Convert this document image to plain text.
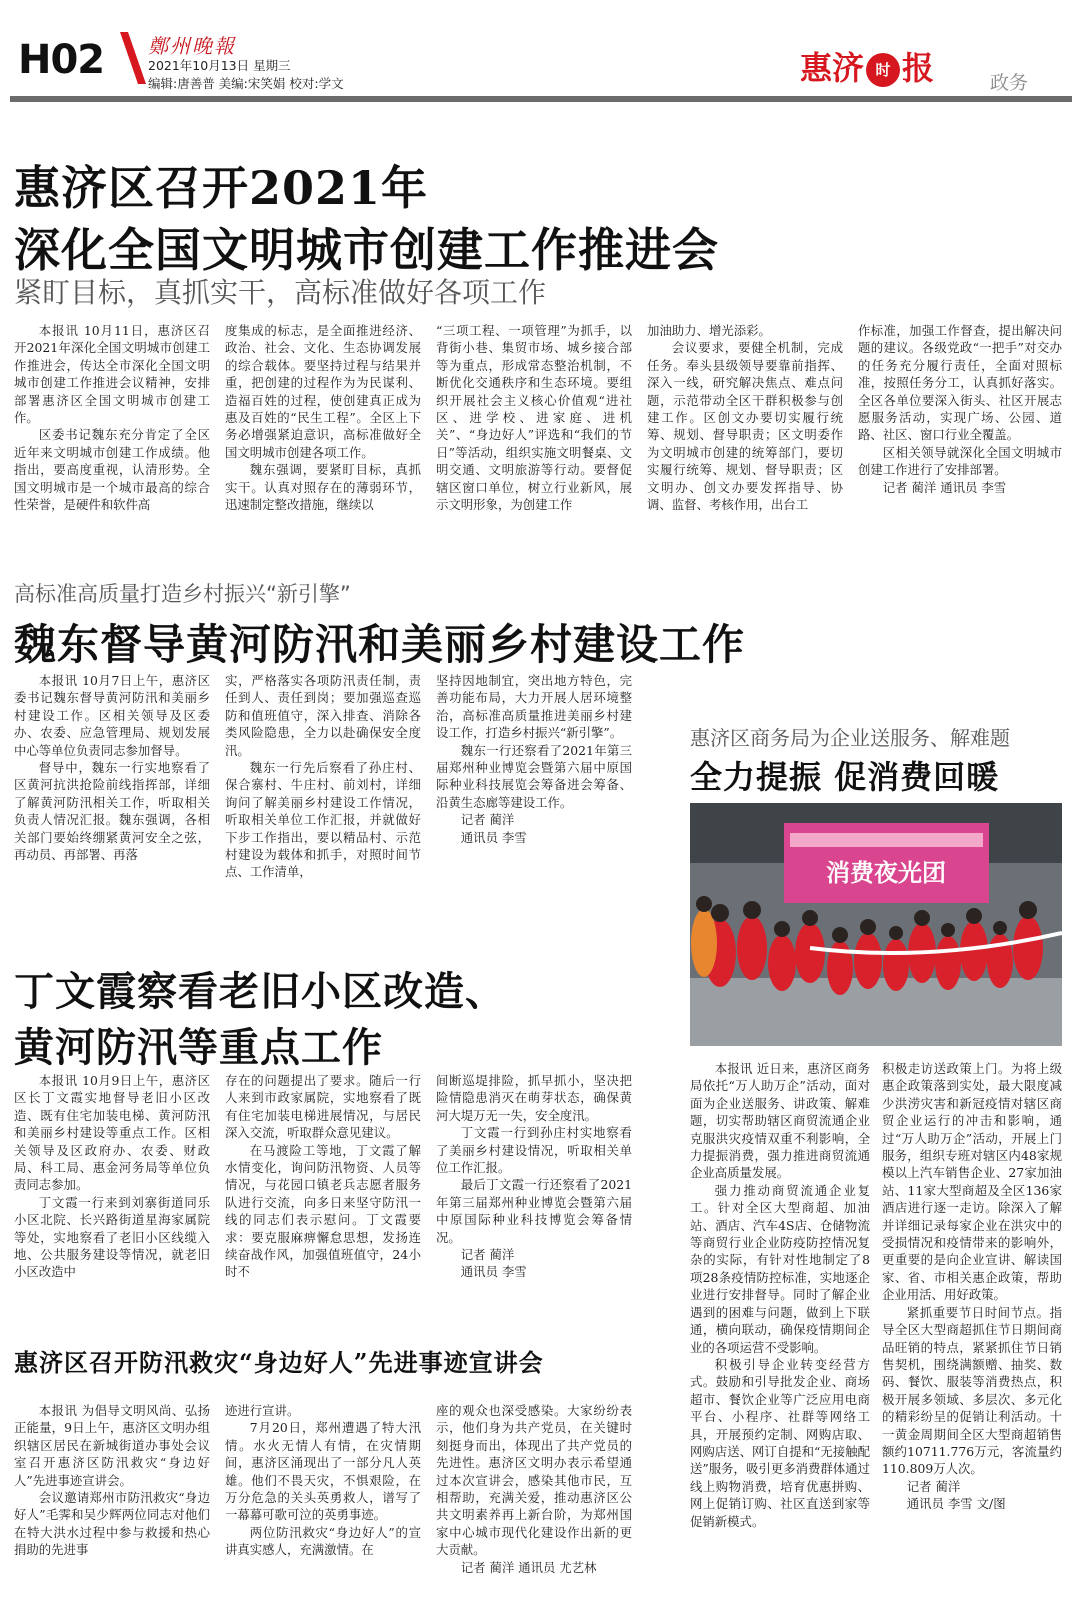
H02 鄭州晚報
2021年10月13日 星期三
编辑:唐善普 美编:宋笑娟 校对:学文	惠济 时 报	政务
惠济区召开2021年
深化全国文明城市创建工作推进会
紧盯目标，真抓实干，高标准做好各项工作

本报讯 10月11日，惠济区召开2021年深化全国文明城市创建工作推进会，传达全市深化全国文明城市创建工作推进会议精神，安排部署惠济区全国文明城市创建工作。

区委书记魏东充分肯定了全区近年来文明城市创建工作成绩。他指出，要高度重视，认清形势。全国文明城市是一个城市最高的综合性荣誉，是硬件和软件高

度集成的标志，是全面推进经济、政治、社会、文化、生态协调发展的综合载体。要坚持过程与结果并重，把创建的过程作为为民谋利、造福百姓的过程，使创建真正成为惠及百姓的“民生工程”。全区上下务必增强紧迫意识，高标准做好全国文明城市创建各项工作。

魏东强调，要紧盯目标，真抓实干。认真对照存在的薄弱环节，迅速制定整改措施，继续以

“三项工程、一项管理”为抓手，以背街小巷、集贸市场、城乡接合部等为重点，形成常态整治机制，不断优化交通秩序和生态环境。要组织开展社会主义核心价值观“进社区、进学校、进家庭、进机关”、“身边好人”评选和“我们的节日”等活动，组织实施文明餐桌、文明交通、文明旅游等行动。要督促辖区窗口单位，树立行业新风，展示文明形象，为创建工作

加油助力、增光添彩。

会议要求，要健全机制，完成任务。奉头县级领导要靠前指挥、深入一线，研究解决焦点、难点问题，示范带动全区干群积极参与创建工作。区创文办要切实履行统筹、规划、督导职责；区文明委作为文明城市创建的统筹部门，要切实履行统筹、规划、督导职责；区文明办、创文办要发挥指导、协调、监督、考核作用，出台工

作标准，加强工作督查，提出解决问题的建议。各级党政“一把手”对交办的任务充分履行责任，全面对照标准，按照任务分工，认真抓好落实。全区各单位要深入街头、社区开展志愿服务活动，实现广场、公园、道路、社区、窗口行业全覆盖。

区相关领导就深化全国文明城市创建工作进行了安排部署。

记者 蔺洋 通讯员 李雪

高标准高质量打造乡村振兴“新引擎”
魏东督导黄河防汛和美丽乡村建设工作

本报讯 10月7日上午，惠济区委书记魏东督导黄河防汛和美丽乡村建设工作。区相关领导及区委办、农委、应急管理局、规划发展中心等单位负责同志参加督导。

督导中，魏东一行实地察看了区黄河抗洪抢险前线指挥部，详细了解黄河防汛相关工作，听取相关负责人情况汇报。魏东强调，各相关部门要始终绷紧黄河安全之弦，再动员、再部署、再落

实，严格落实各项防汛责任制，责任到人、责任到岗；要加强巡查巡防和值班值守，深入排查、消除各类风险隐患，全力以赴确保安全度汛。

魏东一行先后察看了孙庄村、保合寨村、牛庄村、前刘村，详细询问了解美丽乡村建设工作情况，听取相关单位工作汇报，并就做好下步工作指出，要以精品村、示范村建设为载体和抓手，对照时间节点、工作清单，

坚持因地制宜，突出地方特色，完善功能布局，大力开展人居环境整治，高标准高质量推进美丽乡村建设工作，打造乡村振兴“新引擎”。

魏东一行还察看了2021年第三届郑州种业博览会暨第六届中原国际种业科技展览会筹备进会筹备、沿黄生态廊等建设工作。

记者 蔺洋

通讯员 李雪

丁文霞察看老旧小区改造、
黄河防汛等重点工作

本报讯 10月9日上午，惠济区区长丁文霞实地督导老旧小区改造、既有住宅加装电梯、黄河防汛和美丽乡村建设等重点工作。区相关领导及区政府办、农委、财政局、科工局、惠金河务局等单位负责同志参加。

丁文霞一行来到刘寨街道同乐小区北院、长兴路街道星海家属院等处，实地察看了老旧小区线缆入地、公共服务建设等情况，就老旧小区改造中

存在的问题提出了要求。随后一行人来到市政家属院，实地察看了既有住宅加装电梯进展情况，与居民深入交流，听取群众意见建议。

在马渡险工等地，丁文霞了解水情变化，询问防汛物资、人员等情况，与花园口镇老兵志愿者服务队进行交流，向多日来坚守防汛一线的同志们表示慰问。丁文霞要求：要克服麻痹懈怠思想，发扬连续奋战作风，加强值班值守，24小时不

间断巡堤排险，抓早抓小，坚决把险情隐患消灭在萌芽状态，确保黄河大堤万无一失，安全度汛。

丁文霞一行到孙庄村实地察看了美丽乡村建设情况，听取相关单位工作汇报。

最后丁文霞一行还察看了2021年第三届郑州种业博览会暨第六届中原国际种业科技博览会筹备情况。

记者 蔺洋

通讯员 李雪

惠济区召开防汛救灾“身边好人”先进事迹宣讲会

本报讯 为倡导文明风尚、弘扬正能量，9日上午，惠济区文明办组织辖区居民在新城街道办事处会议室召开惠济区防汛救灾“身边好人”先进事迹宣讲会。

会议邀请郑州市防汛救灾“身边好人”毛霁和吴少辉两位同志对他们在特大洪水过程中参与救援和热心捐助的先进事

迹进行宣讲。

7月20日，郑州遭遇了特大汛情。水火无情人有情，在灾情期间，惠济区涌现出了一部分凡人英雄。他们不畏天灾，不惧艰险，在万分危急的关头英勇救人，谱写了一幕幕可歌可泣的英勇事迹。

两位防汛救灾“身边好人”的宣讲真实感人，充满激情。在

座的观众也深受感染。大家纷纷表示，他们身为共产党员，在关键时刻挺身而出，体现出了共产党员的先进性。惠济区文明办表示希望通过本次宣讲会，感染其他市民，互相帮助，充满关爱，推动惠济区公共文明素养再上新台阶，为郑州国家中心城市现代化建设作出新的更大贡献。

记者 蔺洋 通讯员 尤艺林

惠济区商务局为企业送服务、解难题
全力提振 促消费回暖
消费夜光团

本报讯 近日来，惠济区商务局依托“万人助万企”活动，面对面为企业送服务、讲政策、解难题，切实帮助辖区商贸流通企业克服洪灾疫情双重不利影响，全力提振消费，强力推进商贸流通企业高质量发展。

强力推动商贸流通企业复工。针对全区大型商超、加油站、酒店、汽车4S店、仓储物流等商贸行业企业防疫防控情况复杂的实际，有针对性地制定了8项28条疫情防控标准，实地逐企业进行安排督导。同时了解企业遇到的困难与问题，做到上下联通，横向联动，确保疫情期间企业的各项运营不受影响。

积极引导企业转变经营方式。鼓励和引导批发企业、商场超市、餐饮企业等广泛应用电商平台、小程序、社群等网络工具，开展预约定制、网购店取、网购店送、网订自提和“无接触配送”服务，吸引更多消费群体通过线上购物消费，培育优惠拼购、网上促销订购、社区直送到家等促销新模式。

积极走访送政策上门。为将上级惠企政策落到实处，最大限度减少洪涝灾害和新冠疫情对辖区商贸企业运行的冲击和影响，通过“万人助万企”活动，开展上门服务，组织专班对辖区内48家规模以上汽车销售企业、27家加油站、11家大型商超及全区136家酒店进行逐一走访。除深入了解并详细记录每家企业在洪灾中的受损情况和疫情带来的影响外，更重要的是向企业宣讲、解读国家、省、市相关惠企政策，帮助企业用活、用好政策。

紧抓重要节日时间节点。指导全区大型商超抓住节日期间商品旺销的特点，紧紧抓住节日销售契机，围绕满额赠、抽奖、数码、餐饮、服装等消费热点，积极开展多领域、多层次、多元化的精彩纷呈的促销让利活动。十一黄金周期间全区大型商超销售额约10711.776万元，客流量约110.809万人次。

记者 蔺洋

通讯员 李雪 文/图
